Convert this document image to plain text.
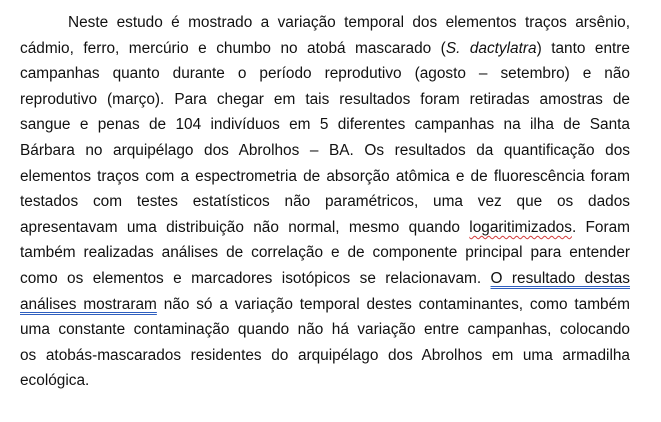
Neste estudo é mostrado a variação temporal dos elementos traços arsênio,
cádmio, ferro, mercúrio e chumbo no atobá mascarado (S. dactylatra) tanto entre
campanhas quanto durante o período reprodutivo (agosto – setembro) e não
reprodutivo (março). Para chegar em tais resultados foram retiradas amostras de
sangue e penas de 104 indivíduos em 5 diferentes campanhas na ilha de Santa
Bárbara no arquipélago dos Abrolhos – BA. Os resultados da quantificação dos
elementos traços com a espectrometria de absorção atômica e de fluorescência foram
testados com testes estatísticos não paramétricos, uma vez que os dados
apresentavam uma distribuição não normal, mesmo quando logaritimizados. Foram
também realizadas análises de correlação e de componente principal para entender
como os elementos e marcadores isotópicos se relacionavam. O resultado destas
análises mostraram não só a variação temporal destes contaminantes, como também
uma constante contaminação quando não há variação entre campanhas, colocando
os atobás-mascarados residentes do arquipélago dos Abrolhos em uma armadilha
ecológica.
